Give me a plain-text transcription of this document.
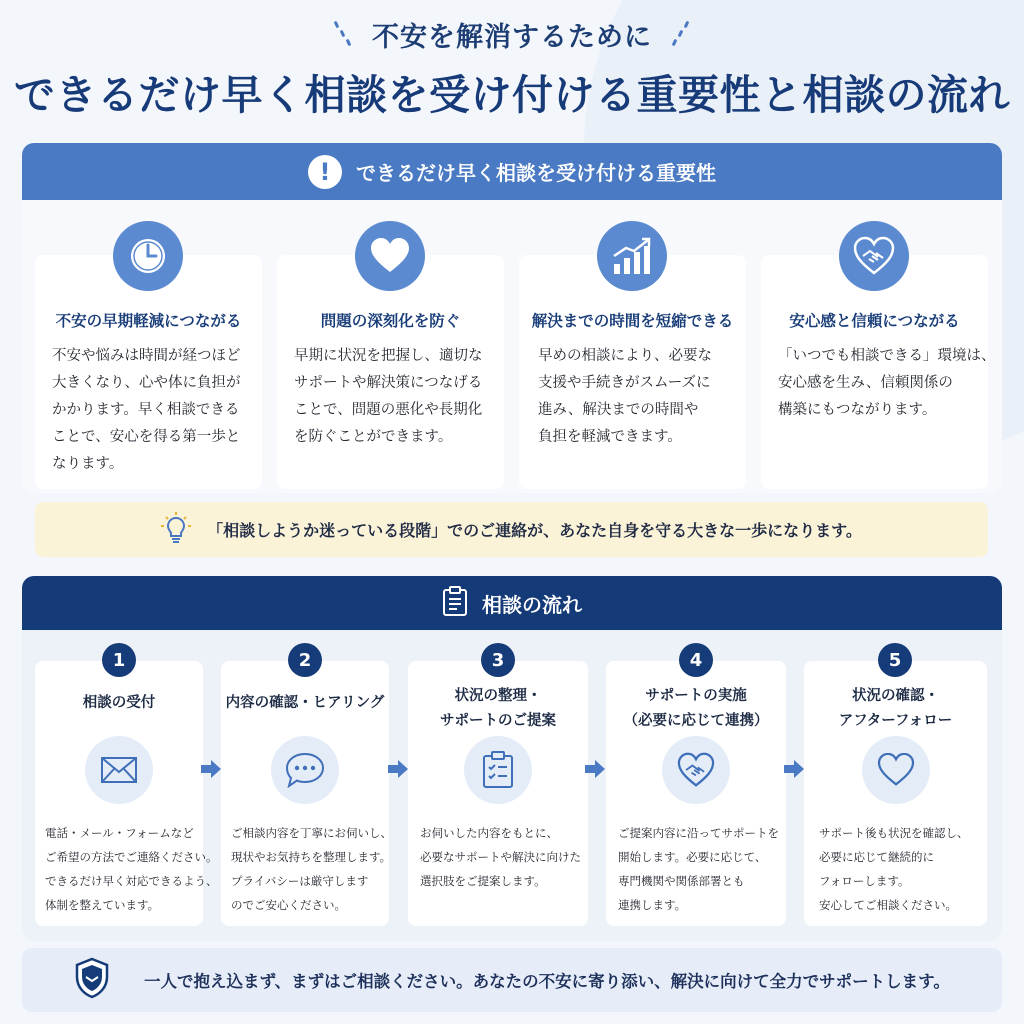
不安を解消するために
できるだけ早く相談を受け付ける重要性と相談の流れ
!	できるだけ早く相談を受け付ける重要性
不安の早期軽減につながる
不安や悩みは時間が経つほど
大きくなり、心や体に負担が
かかります。早く相談できる
ことで、安心を得る第一歩と
なります。
問題の深刻化を防ぐ
早期に状況を把握し、適切な
サポートや解決策につなげる
ことで、問題の悪化や長期化
を防ぐことができます。
解決までの時間を短縮できる
早めの相談により、必要な
支援や手続きがスムーズに
進み、解決までの時間や
負担を軽減できます。
安心感と信頼につながる
「いつでも相談できる」環境は、
安心感を生み、信頼関係の
構築にもつながります。
「相談しようか迷っている段階」でのご連絡が、あなた自身を守る大きな一歩になります。
相談の流れ
1
相談の受付
電話・メール・フォームなど
ご希望の方法でご連絡ください。
できるだけ早く対応できるよう、
体制を整えています。
2
内容の確認・ヒアリング
ご相談内容を丁寧にお伺いし、
現状やお気持ちを整理します。
プライバシーは厳守します
のでご安心ください。
3
状況の整理・
サポートのご提案
お伺いした内容をもとに、
必要なサポートや解決に向けた
選択肢をご提案します。
4
サポートの実施
（必要に応じて連携）
ご提案内容に沿ってサポートを
開始します。必要に応じて、
専門機関や関係部署とも
連携します。
5
状況の確認・
アフターフォロー
サポート後も状況を確認し、
必要に応じて継続的に
フォローします。
安心してご相談ください。
一人で抱え込まず、まずはご相談ください。あなたの不安に寄り添い、解決に向けて全力でサポートします。
